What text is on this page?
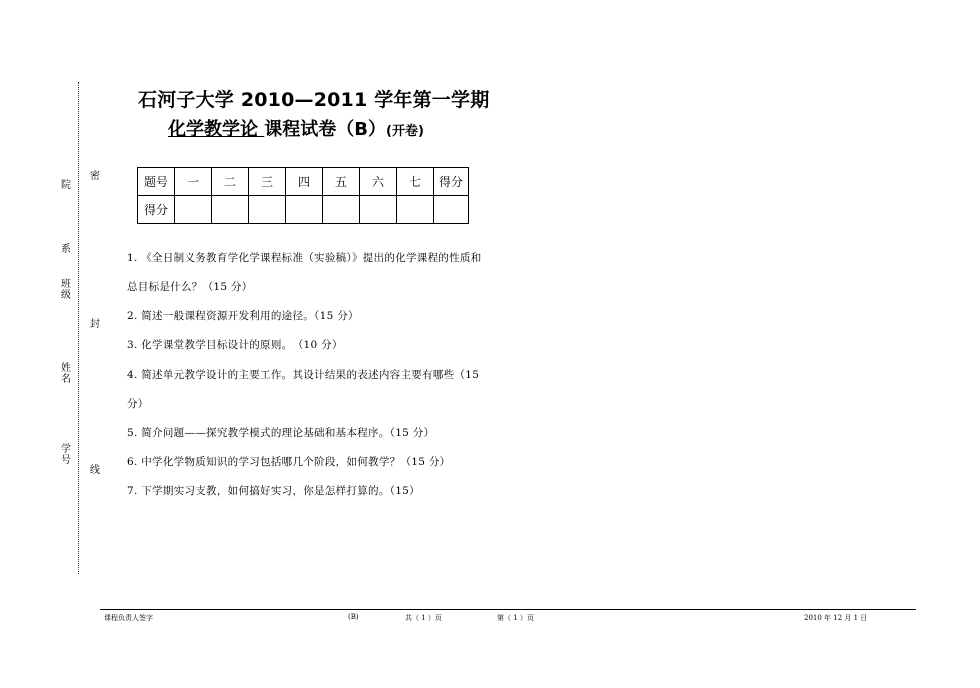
院
系
班级
姓名
学号
密
封
线
石河子大学 2010—2011 学年第一学期
化学教学论 课程试卷（B）(开卷)
题号	一	二	三	四	五	六	七	得分
得分								
1. 《全日制义务教育学化学课程标准（实验稿）》提出的化学课程的性质和
总目标是什么？（15 分）
2. 简述一般课程资源开发利用的途径。（15 分）
3. 化学课堂教学目标设计的原则。　（10 分）
4. 简述单元教学设计的主要工作。其设计结果的表述内容主要有哪些（15
分）
5. 简介问题——探究教学模式的理论基础和基本程序。（15 分）
6. 中学化学物质知识的学习包括哪几个阶段，如何教学？（15 分）
7. 下学期实习支教，如何搞好实习，你是怎样打算的。（15）
课程负责人签字	(B)	共（ 1 ）页	第（ 1 ）页	2010 年 12 月 1 日
